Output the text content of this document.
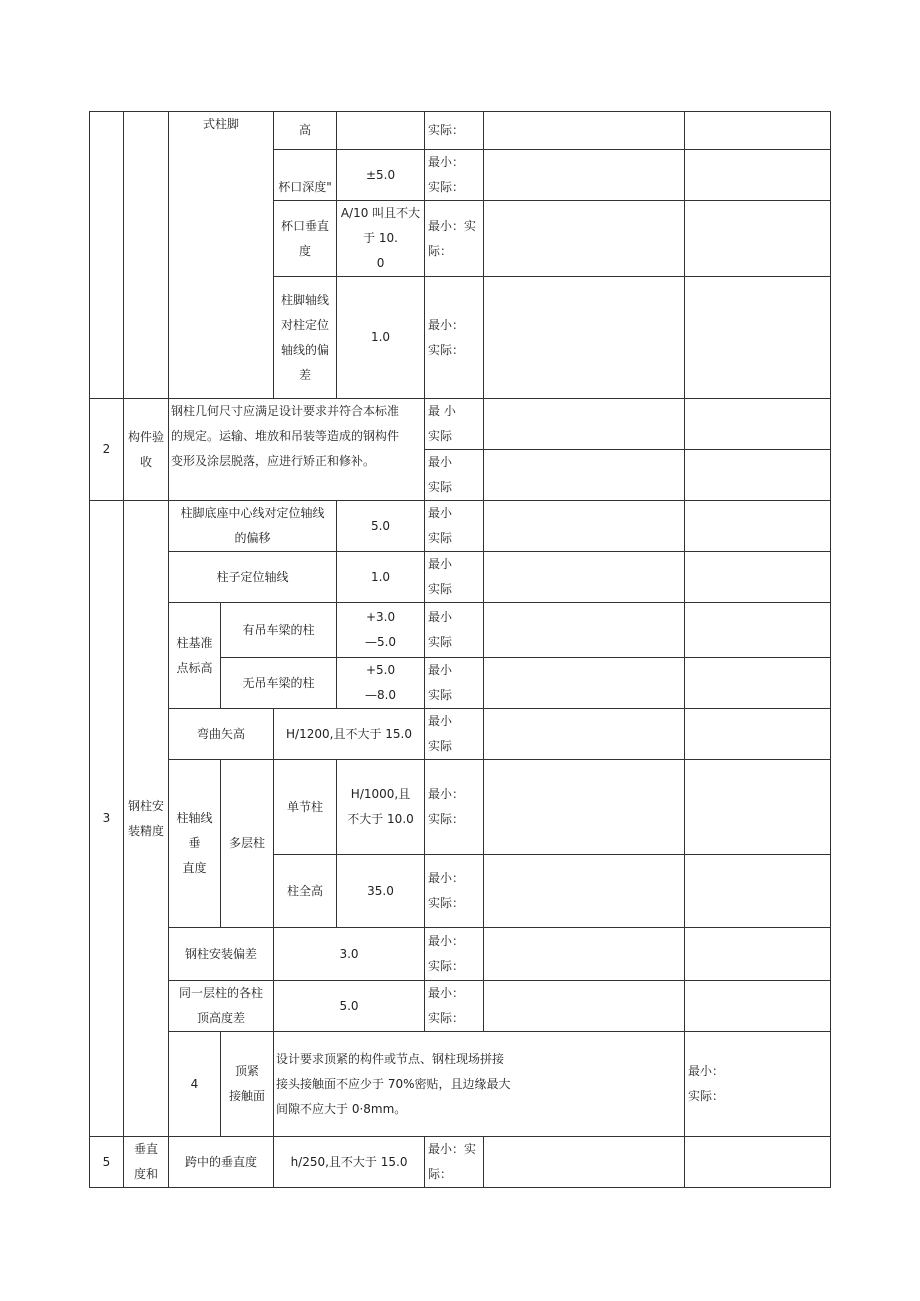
		式柱脚		高		实际：			
				杯口深度"	±5.0	最小：
实际：			

				杯口垂直
度	A/10 叫且不大
于 10.
0	最小：实
际：			

				柱脚轴线
对柱定位
轴线的偏
差	1.0	最小：
实际：			

2	构件验
收	钢柱几何尺寸应满足设计要求并符合本标准
的规定。运输、堆放和吊装等造成的钢构件
变形及涂层脱落，应进行矫正和修补。				最 小
实际			

						最小
实际			

3	钢柱安
装精度	柱脚底座中心线对定位轴线
的偏移			5.0	最小
实际			

		柱子定位轴线			1.0	最小
实际			

		柱基准
点标高	有吊车梁的柱		+3.0
—5.0	最小
实际			

			无吊车梁的柱		+5.0
—8.0	最小
实际			

		弯曲矢高		H/1200,且不大于 15.0		最小
实际			

		柱轴线
垂
直度	多层柱	单节柱	H/1000,且
不大于 10.0	最小：
实际：			

				柱全高	35.0	最小：
实际：			

		钢柱安装偏差		3.0		最小：
实际：			

		同一层柱的各柱
顶高度差		5.0		最小：
实际：			

		4	顶紧
接触面	设计要求顶紧的构件或节点、钢柱现场拼接
接头接触面不应少于 70%密贴，且边缘最大
间隙不应大于 0·8mm。				最小：
实际：	

5	垂直
度和	跨中的垂直度		h/250,且不大于 15.0		最小：实
际：			
